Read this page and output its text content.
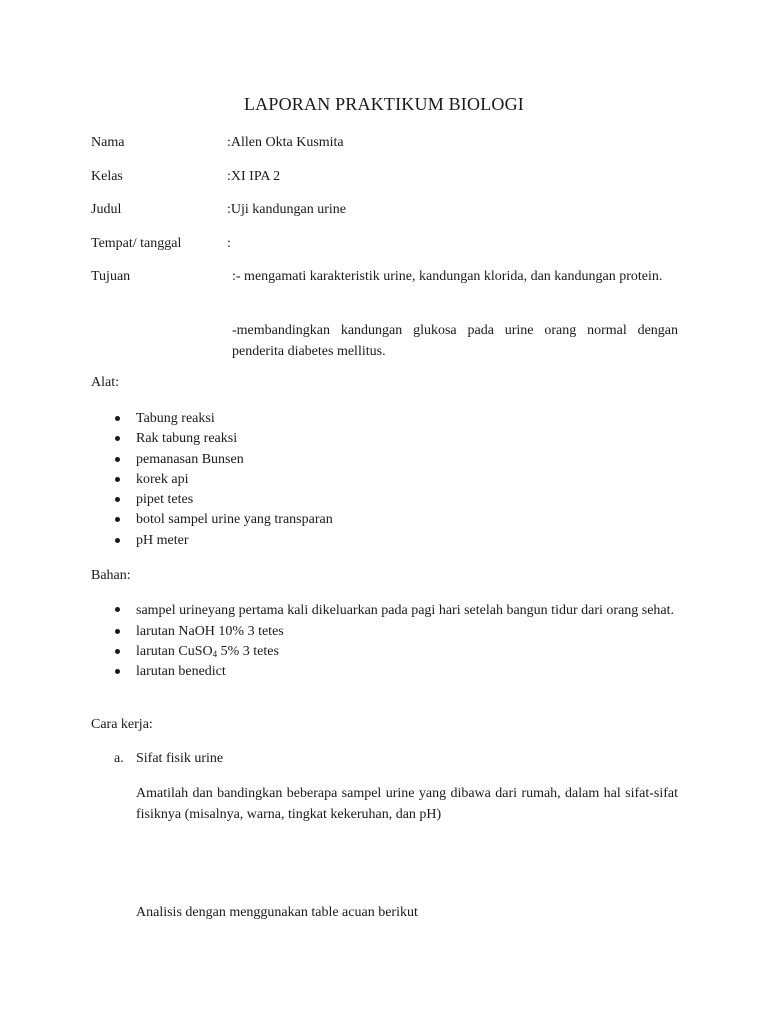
LAPORAN PRAKTIKUM BIOLOGI
Nama	:Allen Okta Kusmita
Kelas	:XI IPA 2
Judul	:Uji kandungan urine
Tempat/ tanggal	:
Tujuan	:- mengamati karakteristik urine, kandungan klorida, dan kandungan protein.
-membandingkan kandungan glukosa pada urine orang normal dengan penderita diabetes mellitus.
Alat:
Tabung reaksi
Rak tabung reaksi
pemanasan Bunsen
korek api
pipet tetes
botol sampel urine yang transparan
pH meter
Bahan:
sampel urineyang pertama kali dikeluarkan pada pagi hari setelah bangun tidur dari orang sehat.
larutan NaOH 10% 3 tetes
larutan CuSO$_4$ 5% 3 tetes
larutan benedict
Cara kerja:
a. Sifat fisik urine
Amatilah dan bandingkan beberapa sampel urine yang dibawa dari rumah, dalam hal sifat-sifat fisiknya (misalnya, warna, tingkat kekeruhan, dan pH)
Analisis dengan menggunakan table acuan berikut
